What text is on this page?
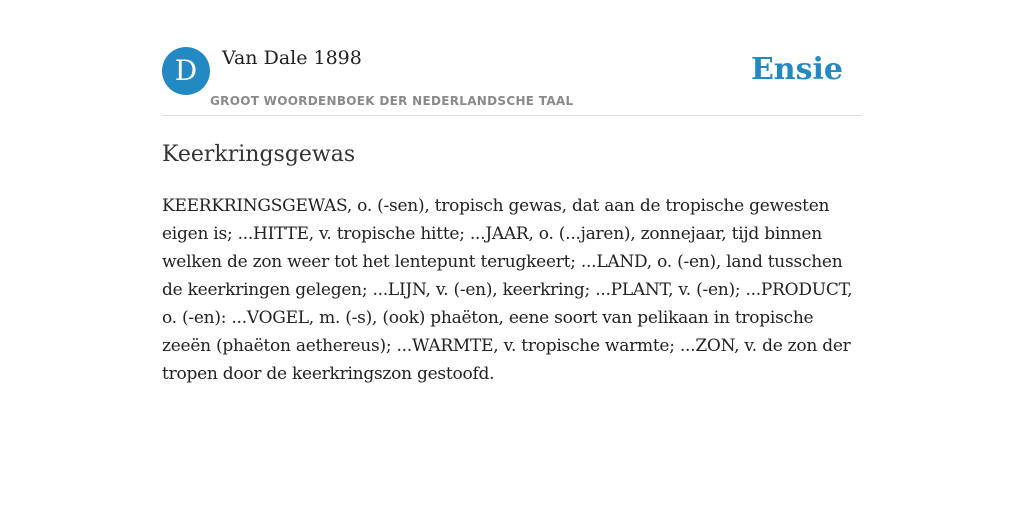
D	Van Dale 1898
GROOT WOORDENBOEK DER NEDERLANDSCHE TAAL
Ensie
Keerkringsgewas

KEERKRINGSGEWAS, o. (-sen), tropisch gewas, dat aan de tropische gewesten eigen is; ...HITTE, v. tropische hitte; ...JAAR, o. (...jaren), zonnejaar, tijd binnen welken de zon weer tot het lentepunt terugkeert; ...LAND, o. (-en), land tusschen de keerkringen gelegen; ...LIJN, v. (-en), keerkring; ...PLANT, v. (-en); ...PRODUCT, o. (-en): ...VOGEL, m. (-s), (ook) phaëton, eene soort van pelikaan in tropische zeeën (phaëton aethereus); ...WARMTE, v. tropische warmte; ...ZON, v. de zon der tropen door de keerkringszon gestoofd.
